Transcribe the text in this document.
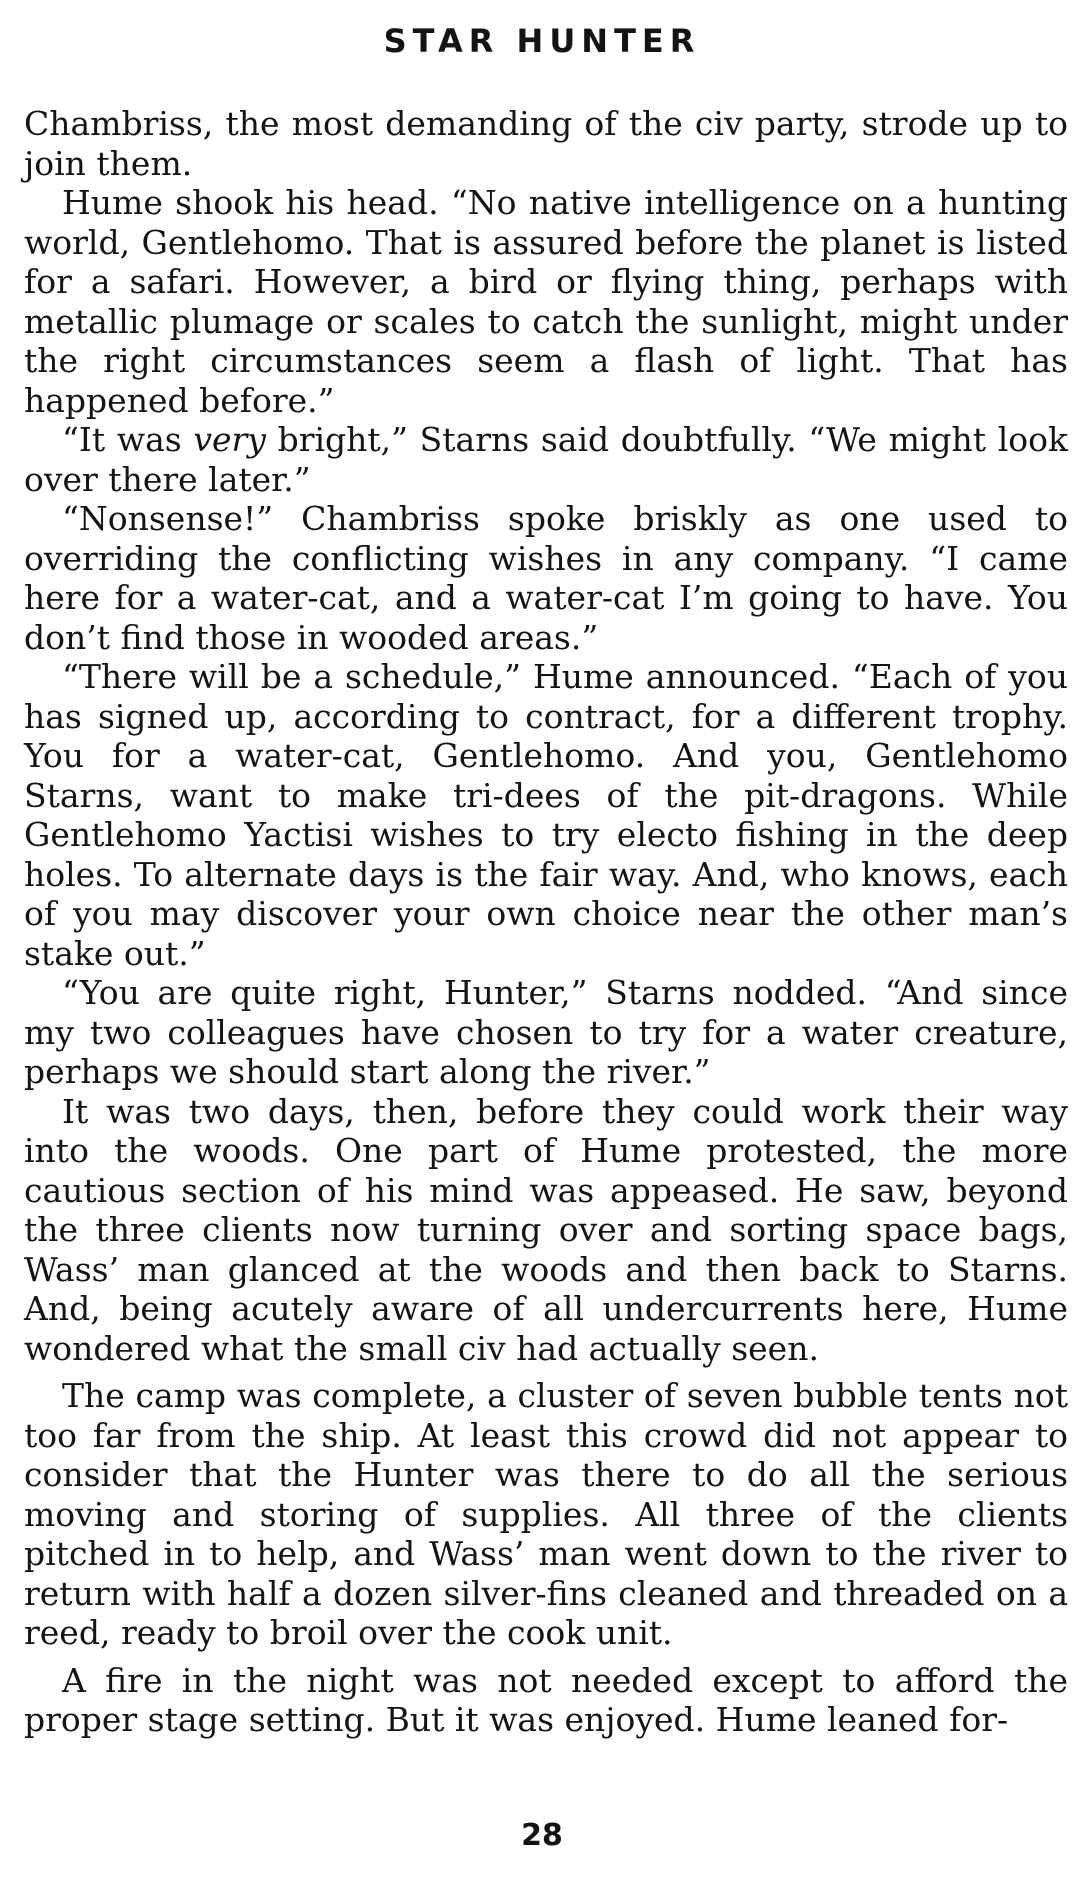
STAR HUNTER

Chambriss, the most demanding of the civ party, strode up to join them.

Hume shook his head. “No native intelligence on a hunting world, Gentlehomo. That is assured before the planet is listed for a safari. However, a bird or flying thing, perhaps with metallic plumage or scales to catch the sunlight, might under the right circumstances seem a flash of light. That has happened before.”

“It was very bright,” Starns said doubtfully. “We might look over there later.”

“Nonsense!” Chambriss spoke briskly as one used to overriding the conflicting wishes in any company. “I came here for a water-cat, and a water-cat I’m going to have. You don’t find those in wooded areas.”

“There will be a schedule,” Hume announced. “Each of you has signed up, according to contract, for a different trophy. You for a water-cat, Gentlehomo. And you, Gentlehomo Starns, want to make tri-dees of the pit-dragons. While Gentlehomo Yactisi wishes to try electo fishing in the deep holes. To alternate days is the fair way. And, who knows, each of you may discover your own choice near the other man’s stake out.”

“You are quite right, Hunter,” Starns nodded. “And since my two colleagues have chosen to try for a water creature, perhaps we should start along the river.”

It was two days, then, before they could work their way into the woods. One part of Hume protested, the more cautious section of his mind was appeased. He saw, beyond the three clients now turning over and sorting space bags, Wass’ man glanced at the woods and then back to Starns. And, being acutely aware of all undercurrents here, Hume wondered what the small civ had actually seen.

The camp was complete, a cluster of seven bubble tents not too far from the ship. At least this crowd did not appear to consider that the Hunter was there to do all the serious moving and storing of supplies. All three of the clients pitched in to help, and Wass’ man went down to the river to return with half a dozen silver-fins cleaned and threaded on a reed, ready to broil over the cook unit.

A fire in the night was not needed except to afford the proper stage setting. But it was enjoyed. Hume leaned for-

28
